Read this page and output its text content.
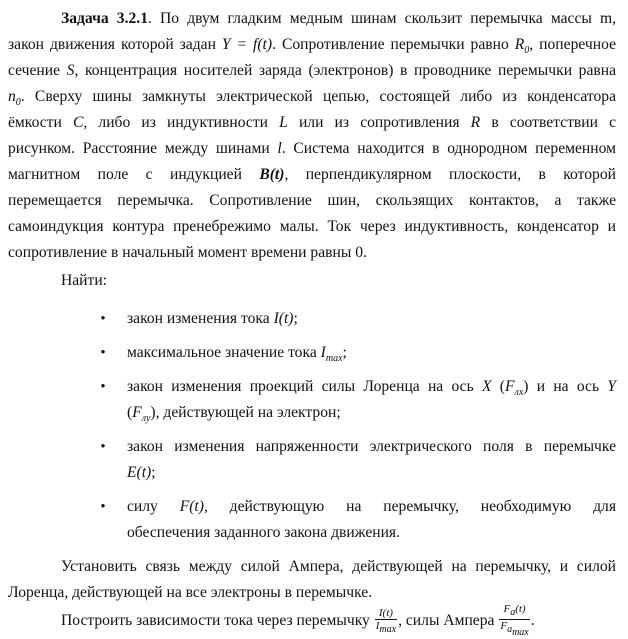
Задача 3.2.1. По двум гладким медным шинам скользит перемычка массы m,
закон движения которой задан Y = f(t). Сопротивление перемычки равно $R_0$, поперечное
сечение S, концентрация носителей заряда (электронов) в проводнике перемычки равна
$n_0$. Сверху шины замкнуты электрической цепью, состоящей либо из конденсатора
ёмкости C, либо из индуктивности L или из сопротивления R в соответствии с
рисунком. Расстояние между шинами l. Система находится в однородном переменном
магнитном поле с индукцией B(t), перпендикулярном плоскости, в которой
перемещается перемычка. Сопротивление шин, скользящих контактов, а также
самоиндукция контура пренебрежимо малы. Ток через индуктивность, конденсатор и
сопротивление в начальный момент времени равны 0.
Найти:
• закон изменения тока I(t);
• максимальное значение тока $I_{max}$;
• закон изменения проекций силы Лоренца на ось X $(F_{лх})$ и на ось Y
$(F_{лу})$, действующей на электрон;
• закон изменения напряженности электрического поля в перемычке
E(t);
• силу F(t), действующую на перемычку, необходимую для
обеспечения заданного закона движения.
Установить связь между силой Ампера, действующей на перемычку, и силой
Лоренца, действующей на все электроны в перемычке.
Построить зависимости тока через перемычку $\frac{I(t)}{I_{max}}$ , силы Ампера $\frac{F_a(t)}{F_{a_{max}}}$ .
